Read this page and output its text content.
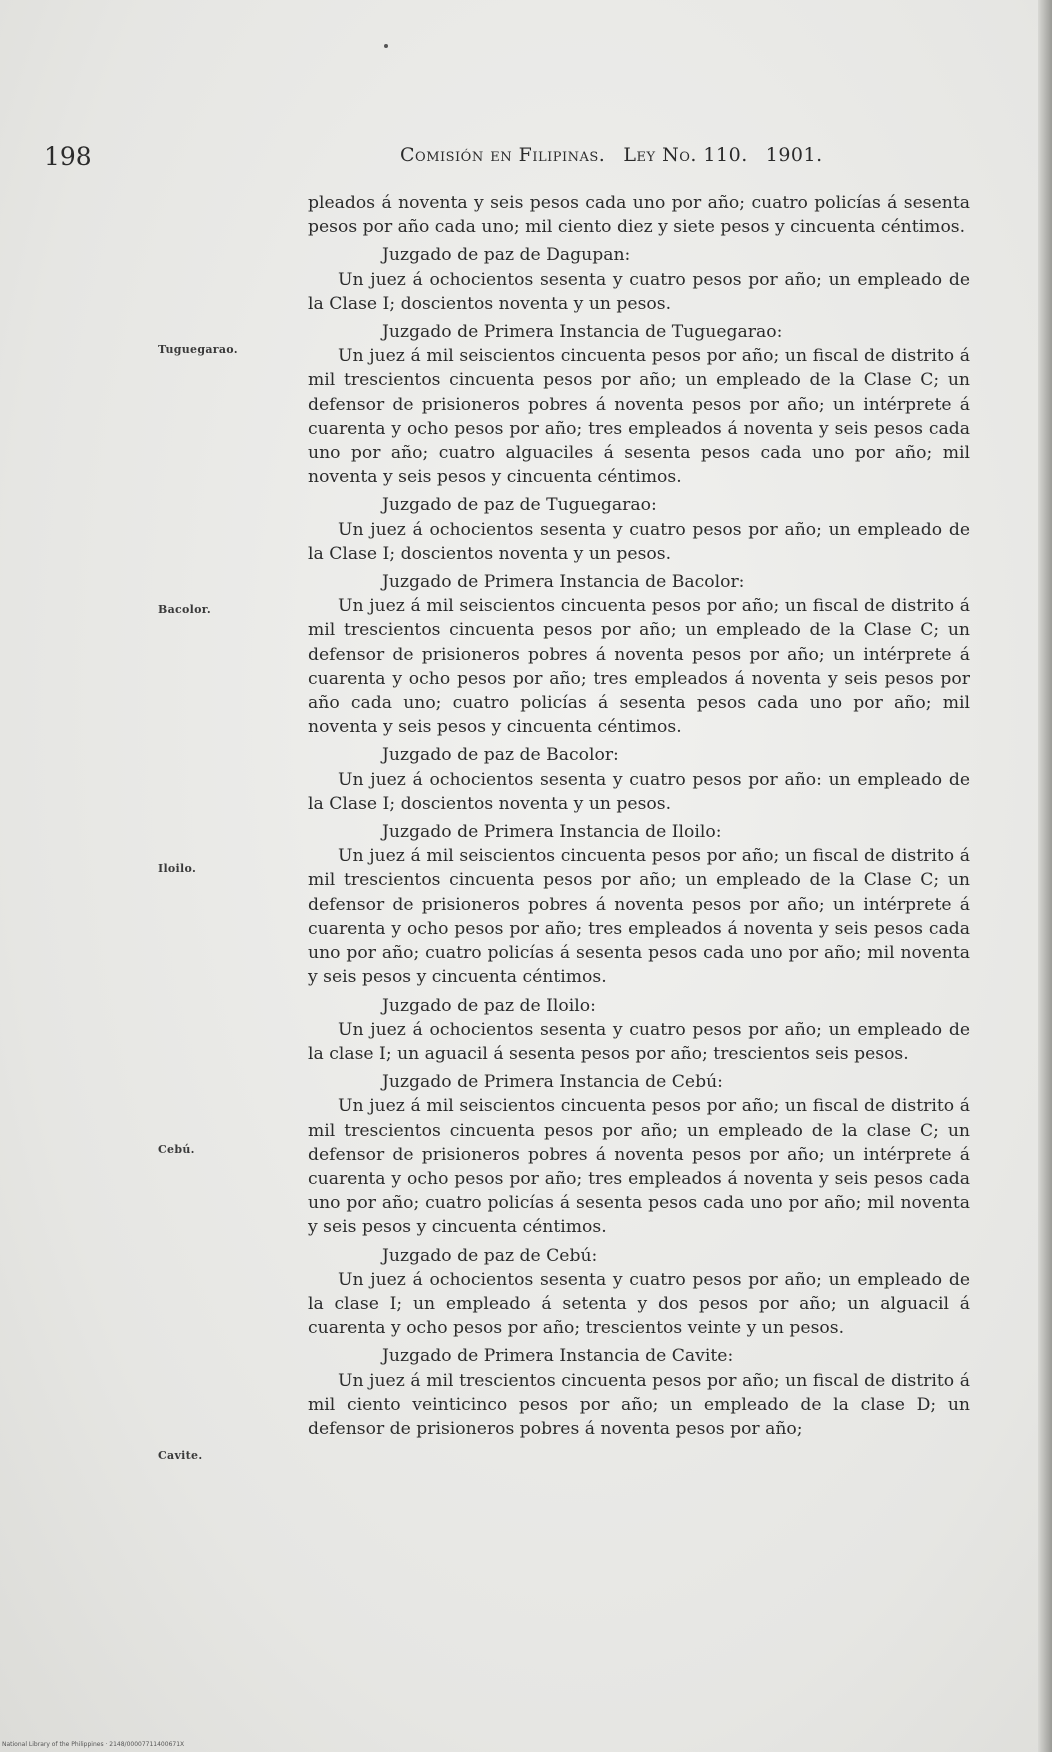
198	Comisión en Filipinas. Ley No. 110. 1901.
Tuguegarao.
Bacolor.
Iloilo.
Cebú.
Cavite.

pleados á noventa y seis pesos cada uno por año; cuatro policías á sesenta pesos por año cada uno; mil ciento diez y siete pesos y cincuenta céntimos.

Juzgado de paz de Dagupan:

Un juez á ochocientos sesenta y cuatro pesos por año; un empleado de la Clase I; doscientos noventa y un pesos.

Juzgado de Primera Instancia de Tuguegarao:

Un juez á mil seiscientos cincuenta pesos por año; un fiscal de distrito á mil trescientos cincuenta pesos por año; un empleado de la Clase C; un defensor de prisioneros pobres á noventa pesos por año; un intérprete á cuarenta y ocho pesos por año; tres empleados á noventa y seis pesos cada uno por año; cuatro alguaciles á sesenta pesos cada uno por año; mil noventa y seis pesos y cincuenta céntimos.

Juzgado de paz de Tuguegarao:

Un juez á ochocientos sesenta y cuatro pesos por año; un empleado de la Clase I; doscientos noventa y un pesos.

Juzgado de Primera Instancia de Bacolor:

Un juez á mil seiscientos cincuenta pesos por año; un fiscal de distrito á mil trescientos cincuenta pesos por año; un empleado de la Clase C; un defensor de prisioneros pobres á noventa pesos por año; un intérprete á cuarenta y ocho pesos por año; tres empleados á noventa y seis pesos por año cada uno; cuatro policías á sesenta pesos cada uno por año; mil noventa y seis pesos y cincuenta céntimos.

Juzgado de paz de Bacolor:

Un juez á ochocientos sesenta y cuatro pesos por año: un empleado de la Clase I; doscientos noventa y un pesos.

Juzgado de Primera Instancia de Iloilo:

Un juez á mil seiscientos cincuenta pesos por año; un fiscal de distrito á mil trescientos cincuenta pesos por año; un empleado de la Clase C; un defensor de prisioneros pobres á noventa pesos por año; un intérprete á cuarenta y ocho pesos por año; tres empleados á noventa y seis pesos cada uno por año; cuatro policías á sesenta pesos cada uno por año; mil noventa y seis pesos y cincuenta céntimos.

Juzgado de paz de Iloilo:

Un juez á ochocientos sesenta y cuatro pesos por año; un empleado de la clase I; un aguacil á sesenta pesos por año; trescientos seis pesos.

Juzgado de Primera Instancia de Cebú:

Un juez á mil seiscientos cincuenta pesos por año; un fiscal de distrito á mil trescientos cincuenta pesos por año; un empleado de la clase C; un defensor de prisioneros pobres á noventa pesos por año; un intérprete á cuarenta y ocho pesos por año; tres empleados á noventa y seis pesos cada uno por año; cuatro policías á sesenta pesos cada uno por año; mil noventa y seis pesos y cincuenta céntimos.

Juzgado de paz de Cebú:

Un juez á ochocientos sesenta y cuatro pesos por año; un empleado de la clase I; un empleado á setenta y dos pesos por año; un alguacil á cuarenta y ocho pesos por año; trescientos veinte y un pesos.

Juzgado de Primera Instancia de Cavite:

Un juez á mil trescientos cincuenta pesos por año; un fiscal de distrito á mil ciento veinticinco pesos por año; un empleado de la clase D; un defensor de prisioneros pobres á noventa pesos por año;

National Library of the Philippines · 2148/00007711400671X
